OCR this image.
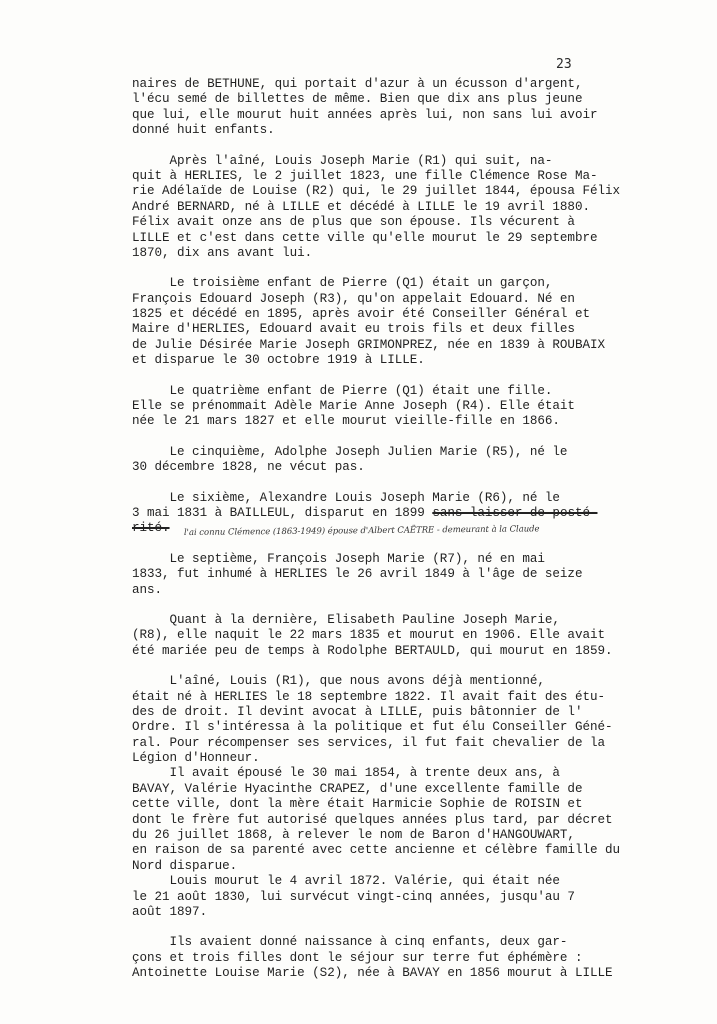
23
naires de BETHUNE, qui portait d'azur à un écusson d'argent,
l'écu semé de billettes de même. Bien que dix ans plus jeune
que lui, elle mourut huit années après lui, non sans lui avoir
donné huit enfants.
Après l'aîné, Louis Joseph Marie (R1) qui suit, na-
quit à HERLIES, le 2 juillet 1823, une fille Clémence Rose Ma-
rie Adélaïde de Louise (R2) qui, le 29 juillet 1844, épousa Félix
André BERNARD, né à LILLE et décédé à LILLE le 19 avril 1880.
Félix avait onze ans de plus que son épouse. Ils vécurent à
LILLE et c'est dans cette ville qu'elle mourut le 29 septembre
1870, dix ans avant lui.
Le troisième enfant de Pierre (Q1) était un garçon,
François Edouard Joseph (R3), qu'on appelait Edouard. Né en
1825 et décédé en 1895, après avoir été Conseiller Général et
Maire d'HERLIES, Edouard avait eu trois fils et deux filles
de Julie Désirée Marie Joseph GRIMONPREZ, née en 1839 à ROUBAIX
et disparue le 30 octobre 1919 à LILLE.
Le quatrième enfant de Pierre (Q1) était une fille.
Elle se prénommait Adèle Marie Anne Joseph (R4). Elle était
née le 21 mars 1827 et elle mourut vieille-fille en 1866.
Le cinquième, Adolphe Joseph Julien Marie (R5), né le
30 décembre 1828, ne vécut pas.
Le sixième, Alexandre Louis Joseph Marie (R6), né le
3 mai 1831 à BAILLEUL, disparut en 1899 sans laisser de posté-
rité.	l'ai connu Clémence (1863-1949) épouse d'Albert CAËTRE - demeurant à la Claude
Le septième, François Joseph Marie (R7), né en mai
1833, fut inhumé à HERLIES le 26 avril 1849 à l'âge de seize
ans.
Quant à la dernière, Elisabeth Pauline Joseph Marie,
(R8), elle naquit le 22 mars 1835 et mourut en 1906. Elle avait
été mariée peu de temps à Rodolphe BERTAULD, qui mourut en 1859.
L'aîné, Louis (R1), que nous avons déjà mentionné,
était né à HERLIES le 18 septembre 1822. Il avait fait des étu-
des de droit. Il devint avocat à LILLE, puis bâtonnier de l'
Ordre. Il s'intéressa à la politique et fut élu Conseiller Géné-
ral. Pour récompenser ses services, il fut fait chevalier de la
Légion d'Honneur.
Il avait épousé le 30 mai 1854, à trente deux ans, à
BAVAY, Valérie Hyacinthe CRAPEZ, d'une excellente famille de
cette ville, dont la mère était Harmicie Sophie de ROISIN et
dont le frère fut autorisé quelques années plus tard, par décret
du 26 juillet 1868, à relever le nom de Baron d'HANGOUWART,
en raison de sa parenté avec cette ancienne et célèbre famille du
Nord disparue.
Louis mourut le 4 avril 1872. Valérie, qui était née
le 21 août 1830, lui survécut vingt-cinq années, jusqu'au 7
août 1897.
Ils avaient donné naissance à cinq enfants, deux gar-
çons et trois filles dont le séjour sur terre fut éphémère :
Antoinette Louise Marie (S2), née à BAVAY en 1856 mourut à LILLE
